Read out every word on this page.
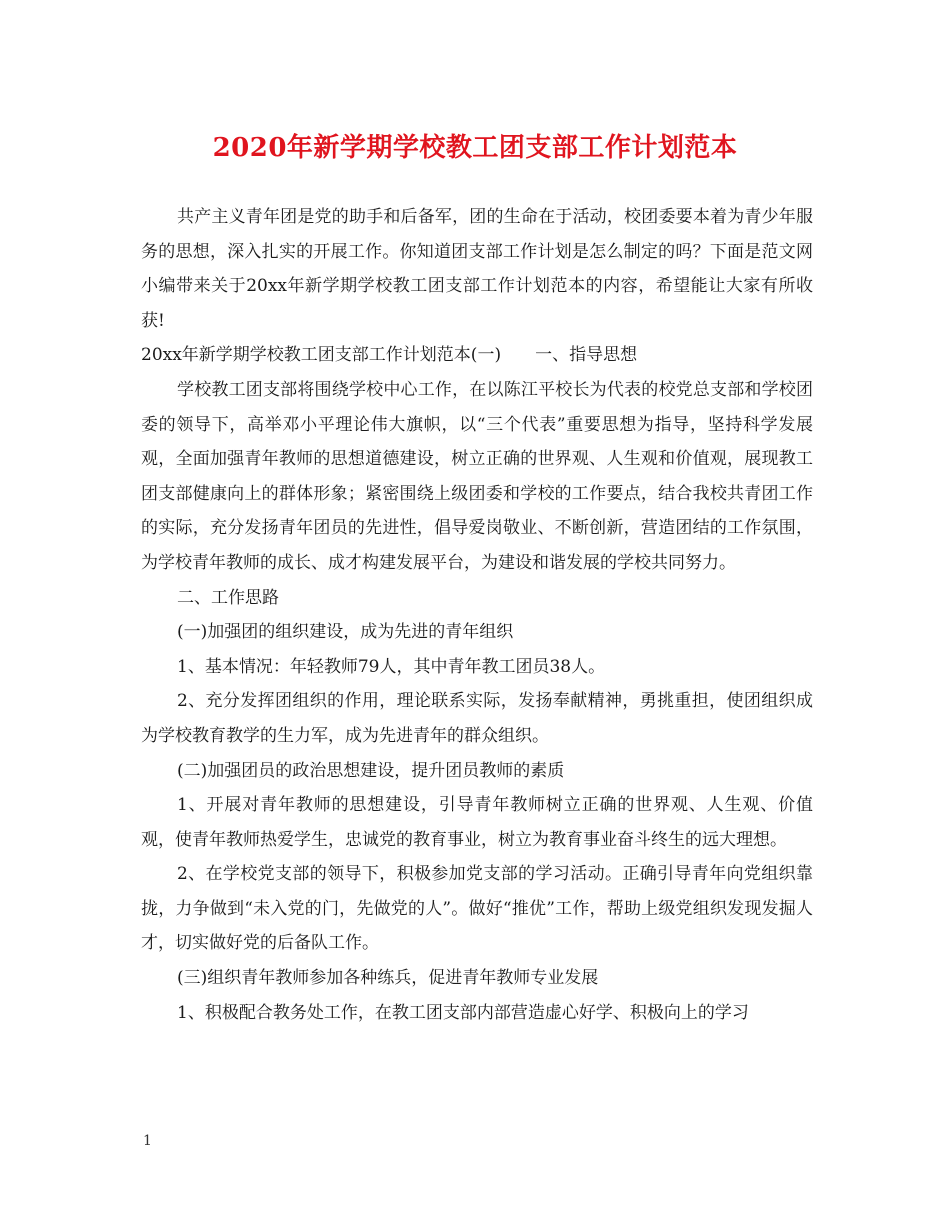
2020年新学期学校教工团支部工作计划范本

共产主义青年团是党的助手和后备军，团的生命在于活动，校团委要本着为青少年服务的思想，深入扎实的开展工作。你知道团支部工作计划是怎么制定的吗？下面是范文网小编带来关于20xx年新学期学校教工团支部工作计划范本的内容，希望能让大家有所收获!

20xx年新学期学校教工团支部工作计划范本(一) 一、指导思想

学校教工团支部将围绕学校中心工作，在以陈江平校长为代表的校党总支部和学校团委的领导下，高举邓小平理论伟大旗帜，以“三个代表”重要思想为指导，坚持科学发展观，全面加强青年教师的思想道德建设，树立正确的世界观、人生观和价值观，展现教工团支部健康向上的群体形象；紧密围绕上级团委和学校的工作要点，结合我校共青团工作的实际，充分发扬青年团员的先进性，倡导爱岗敬业、不断创新，营造团结的工作氛围，为学校青年教师的成长、成才构建发展平台，为建设和谐发展的学校共同努力。

二、工作思路

(一)加强团的组织建设，成为先进的青年组织

1、基本情况：年轻教师79人，其中青年教工团员38人。

2、充分发挥团组织的作用，理论联系实际，发扬奉献精神，勇挑重担，使团组织成为学校教育教学的生力军，成为先进青年的群众组织。

(二)加强团员的政治思想建设，提升团员教师的素质

1、开展对青年教师的思想建设，引导青年教师树立正确的世界观、人生观、价值观，使青年教师热爱学生，忠诚党的教育事业，树立为教育事业奋斗终生的远大理想。

2、在学校党支部的领导下，积极参加党支部的学习活动。正确引导青年向党组织靠拢，力争做到“未入党的门，先做党的人”。做好“推优”工作，帮助上级党组织发现发掘人才，切实做好党的后备队工作。

(三)组织青年教师参加各种练兵，促进青年教师专业发展

1、积极配合教务处工作，在教工团支部内部营造虚心好学、积极向上的学习

1
